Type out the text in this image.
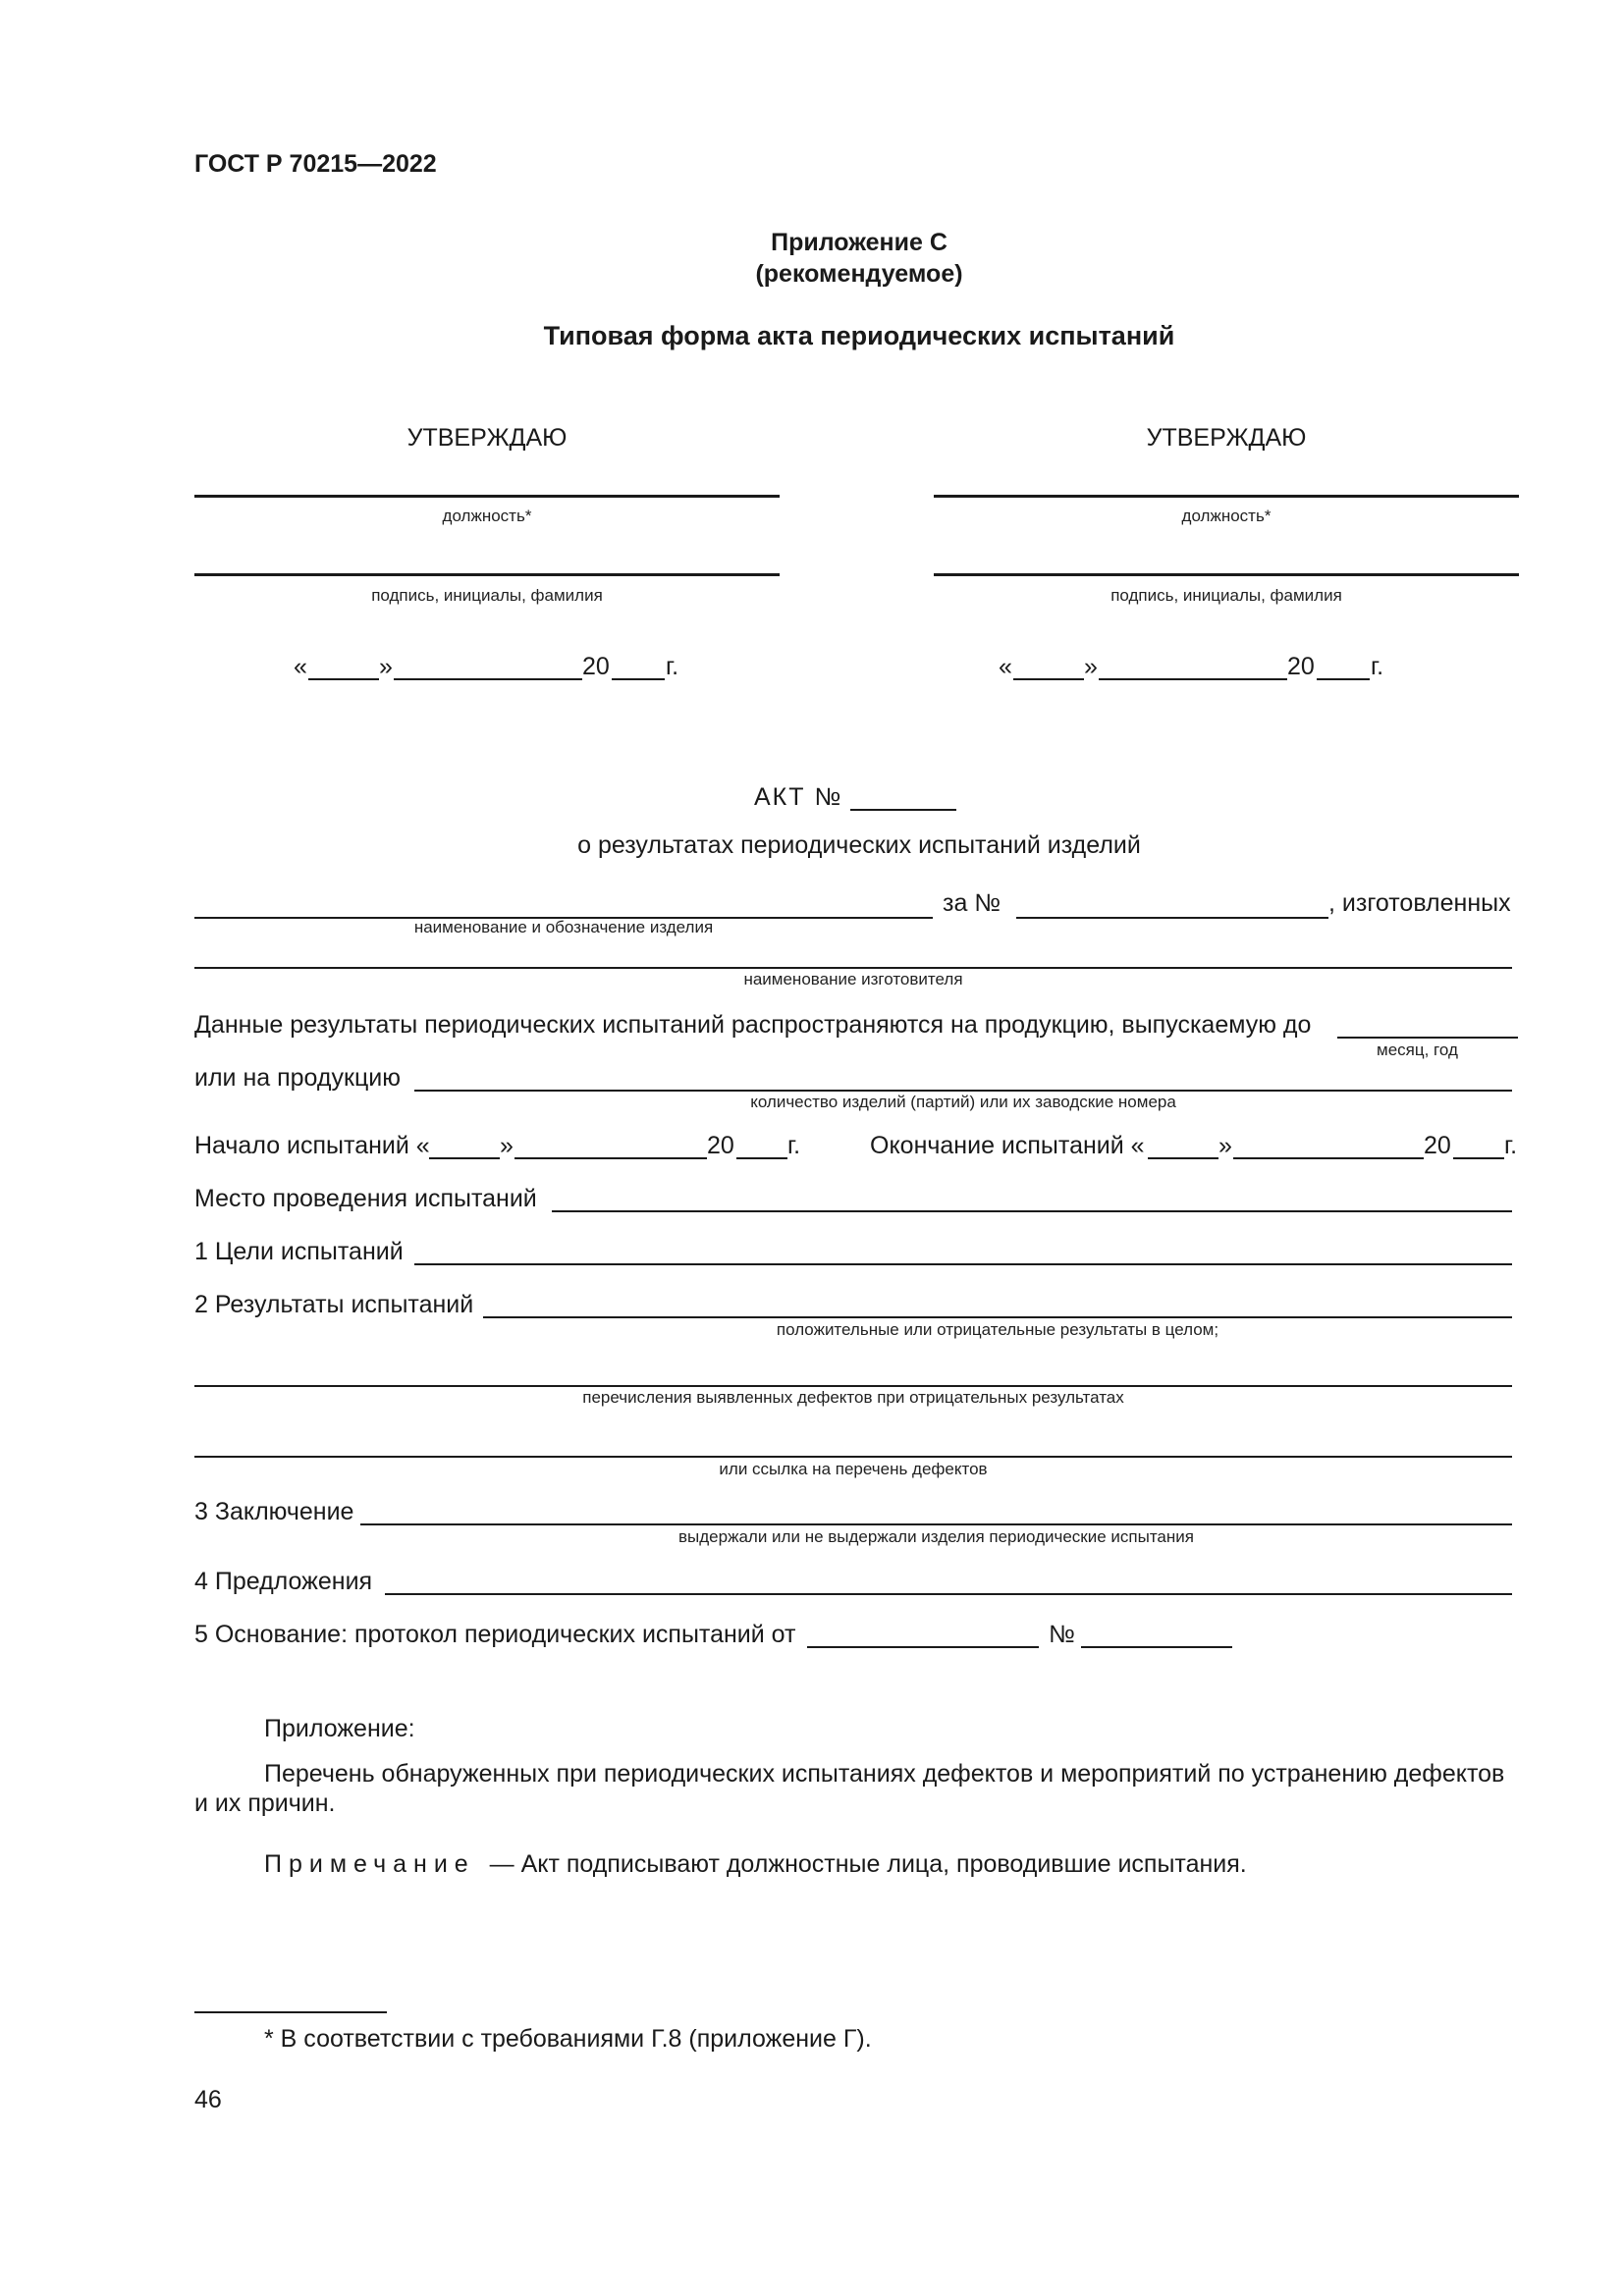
ГОСТ Р 70215—2022
Приложение С
(рекомендуемое)
Типовая форма акта периодических испытаний
УТВЕРЖДАЮ
должность*
подпись, инициалы, фамилия
«	»	20 г.
УТВЕРЖДАЮ
должность*
подпись, инициалы, фамилия
«	»	20 г.
АКТ №
о результатах периодических испытаний изделий
за №	, изготовленных
наименование и обозначение изделия
наименование изготовителя
Данные результаты периодических испытаний распространяются на продукцию, выпускаемую до
месяц, год
или на продукцию
количество изделий (партий) или их заводские номера
Начало испытаний «	»	20 г.	Окончание испытаний «	»	20 г.
Место проведения испытаний
1 Цели испытаний
2 Результаты испытаний
положительные или отрицательные результаты в целом;
перечисления выявленных дефектов при отрицательных результатах
или ссылка на перечень дефектов
3 Заключение
выдержали или не выдержали изделия периодические испытания
4 Предложения
5 Основание: протокол периодических испытаний от	№
Приложение:
Перечень обнаруженных при периодических испытаниях дефектов и мероприятий по устранению дефектов
и их причин.
Примечание — Акт подписывают должностные лица, проводившие испытания.
* В соответствии с требованиями Г.8 (приложение Г).
46
